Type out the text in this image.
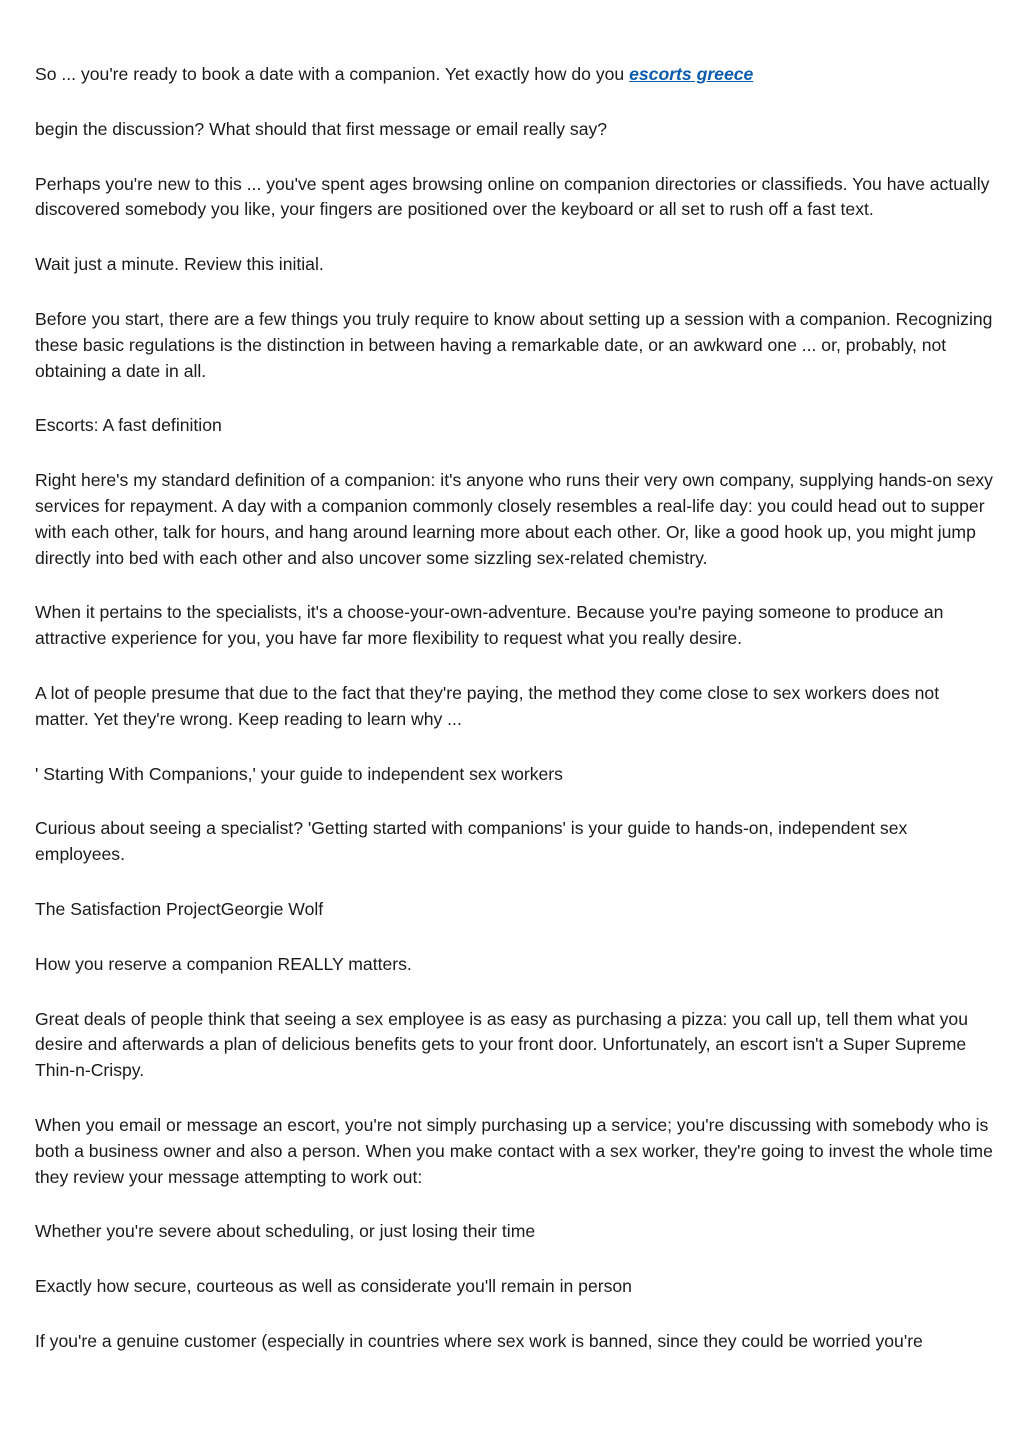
So ... you're ready to book a date with a companion. Yet exactly how do you escorts greece

begin the discussion? What should that first message or email really say?

Perhaps you're new to this ... you've spent ages browsing online on companion directories or classifieds. You have actually discovered somebody you like, your fingers are positioned over the keyboard or all set to rush off a fast text.

Wait just a minute. Review this initial.

Before you start, there are a few things you truly require to know about setting up a session with a companion. Recognizing these basic regulations is the distinction in between having a remarkable date, or an awkward one ... or, probably, not obtaining a date in all.

Escorts: A fast definition

Right here's my standard definition of a companion: it's anyone who runs their very own company, supplying hands-on sexy services for repayment. A day with a companion commonly closely resembles a real-life day: you could head out to supper with each other, talk for hours, and hang around learning more about each other. Or, like a good hook up, you might jump directly into bed with each other and also uncover some sizzling sex-related chemistry.

When it pertains to the specialists, it's a choose-your-own-adventure. Because you're paying someone to produce an attractive experience for you, you have far more flexibility to request what you really desire.

A lot of people presume that due to the fact that they're paying, the method they come close to sex workers does not matter. Yet they're wrong. Keep reading to learn why ...

' Starting With Companions,' your guide to independent sex workers

Curious about seeing a specialist? 'Getting started with companions' is your guide to hands-on, independent sex employees.

The Satisfaction ProjectGeorgie Wolf

How you reserve a companion REALLY matters.

Great deals of people think that seeing a sex employee is as easy as purchasing a pizza: you call up, tell them what you desire and afterwards a plan of delicious benefits gets to your front door. Unfortunately, an escort isn't a Super Supreme Thin-n-Crispy.

When you email or message an escort, you're not simply purchasing up a service; you're discussing with somebody who is both a business owner and also a person. When you make contact with a sex worker, they're going to invest the whole time they review your message attempting to work out:

Whether you're severe about scheduling, or just losing their time

Exactly how secure, courteous as well as considerate you'll remain in person

If you're a genuine customer (especially in countries where sex work is banned, since they could be worried you're
